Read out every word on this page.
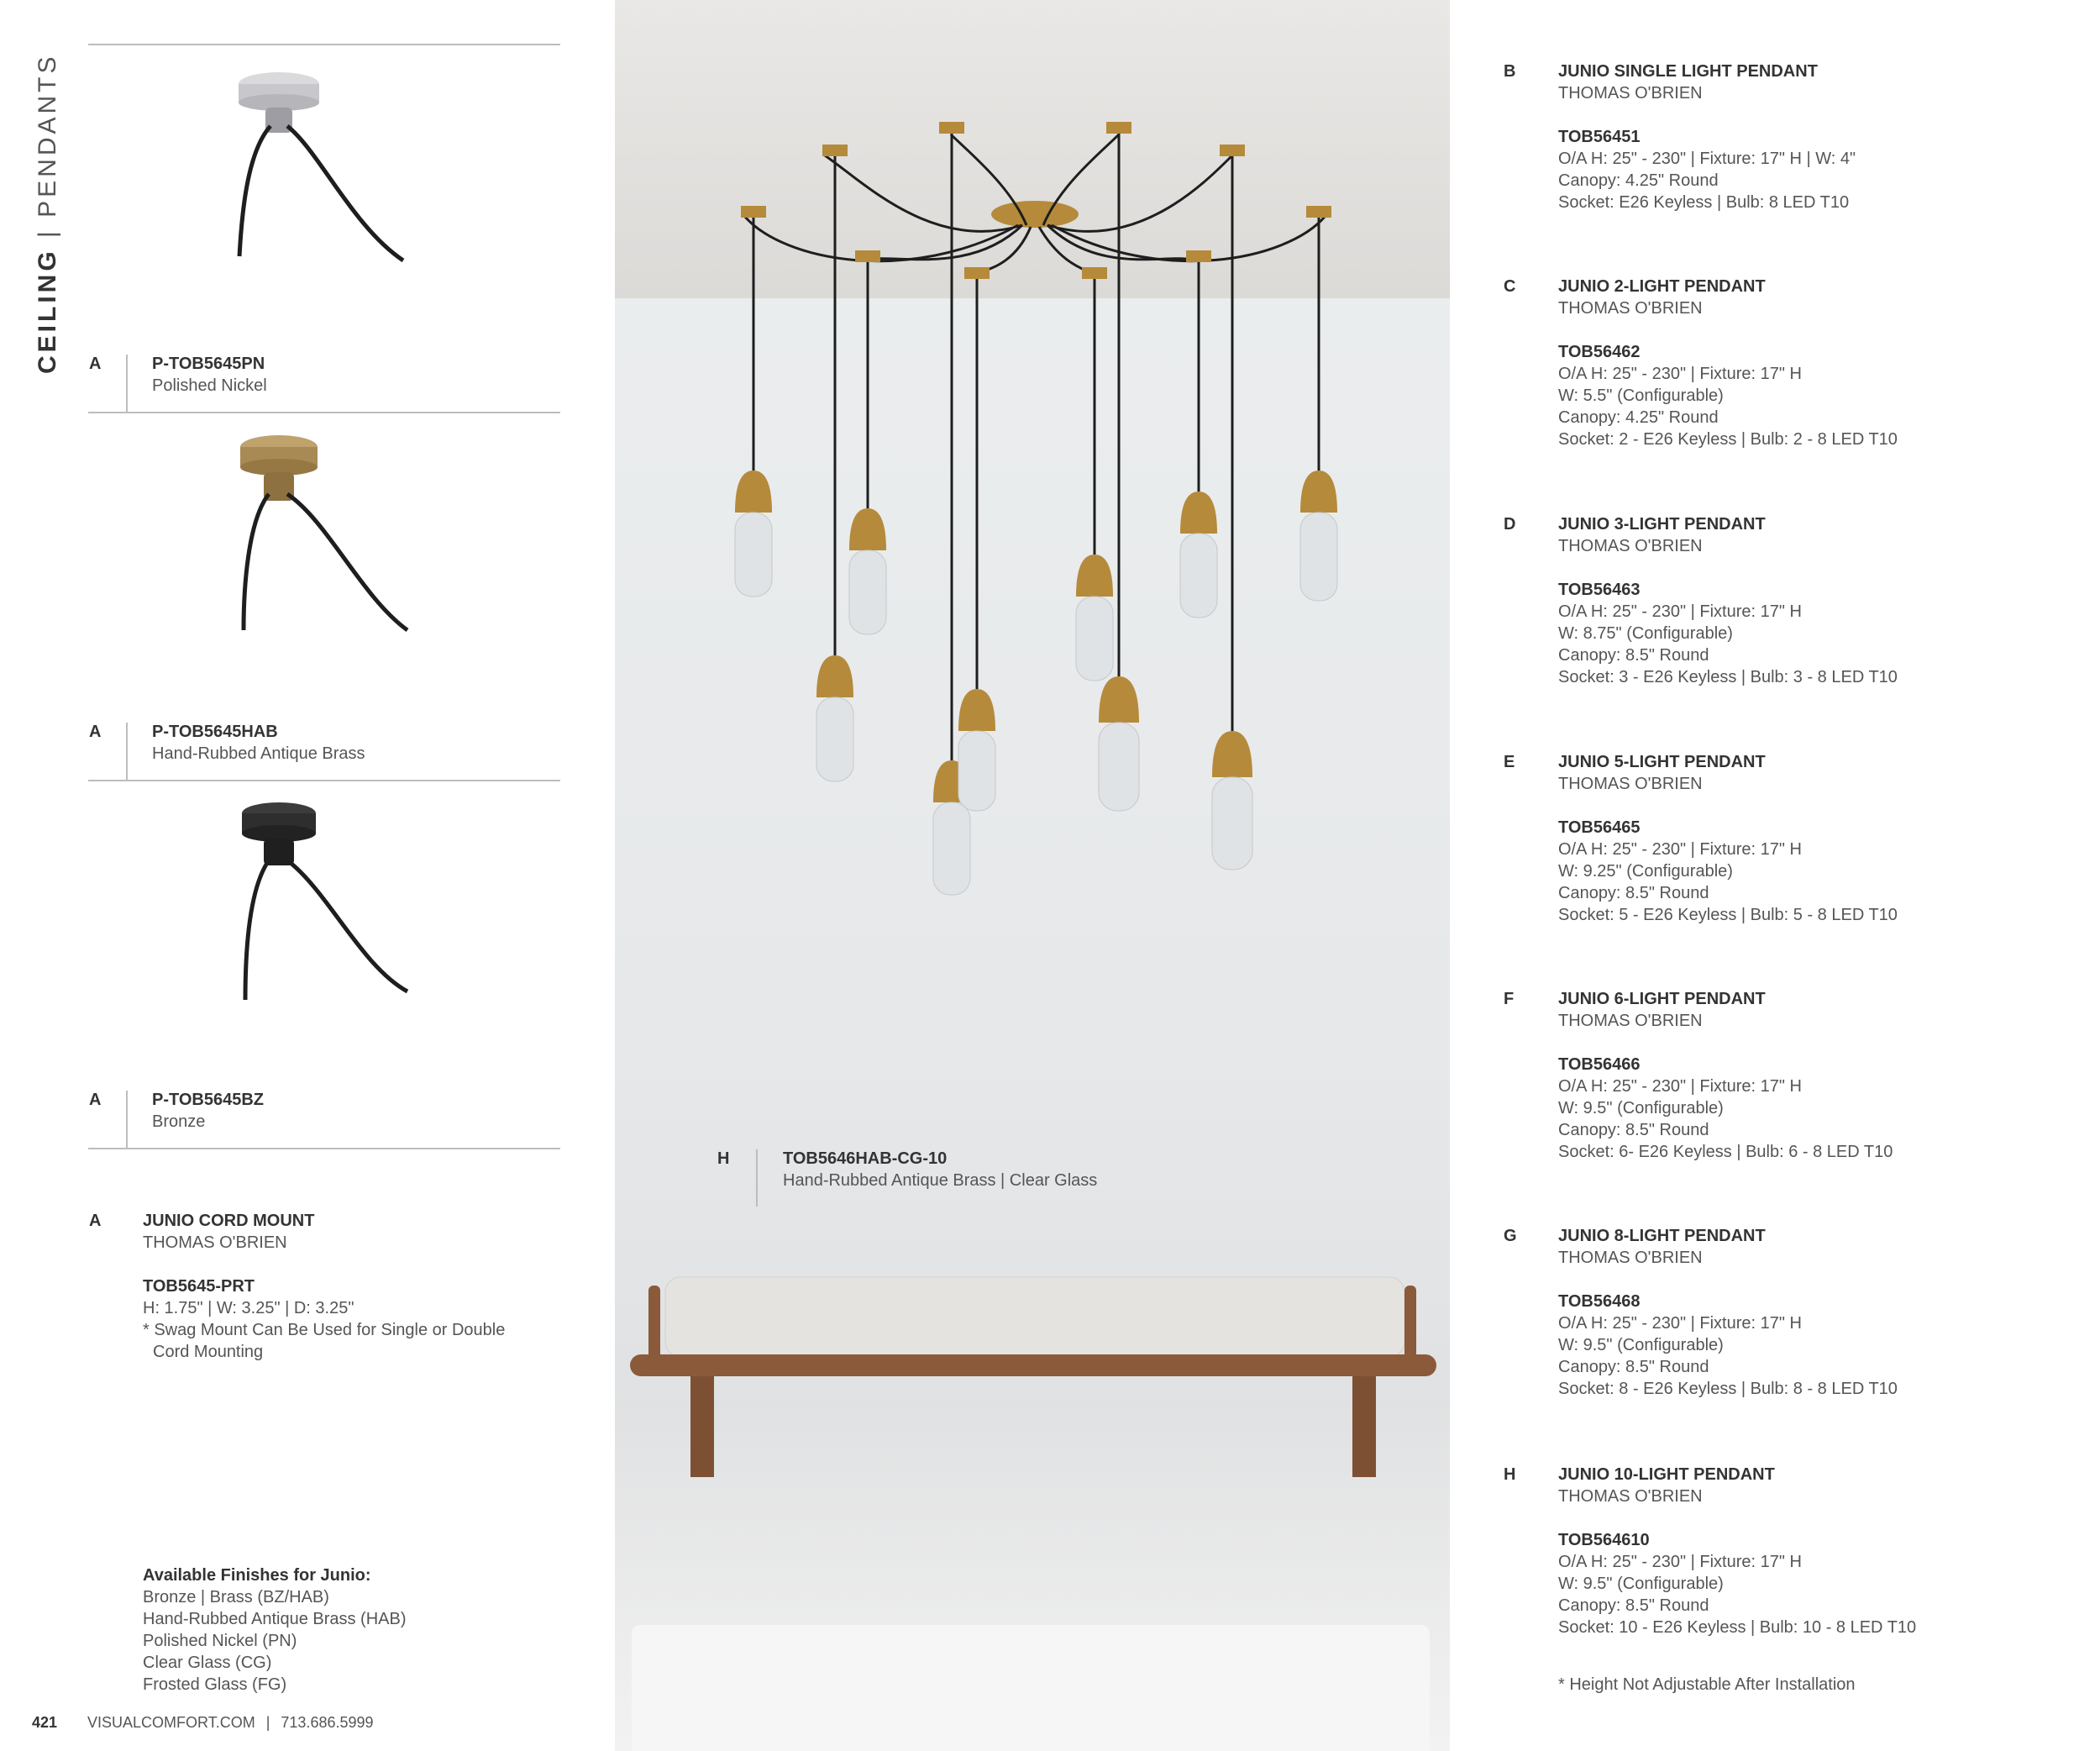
CEILING | PENDANTS
A	P-TOB5645PN
Polished Nickel
A	P-TOB5645HAB
Hand-Rubbed Antique Brass
A	P-TOB5645BZ
Bronze
A JUNIO CORD MOUNT
THOMAS O'BRIEN
TOB5645-PRT
H: 1.75" | W: 3.25" | D: 3.25"
* Swag Mount Can Be Used for Single or Double
Cord Mounting
Available Finishes for Junio:
Bronze | Brass (BZ/HAB)
Hand-Rubbed Antique Brass (HAB)
Polished Nickel (PN)
Clear Glass (CG)
Frosted Glass (FG)
421 VISUALCOMFORT.COM | 713.686.5999
H	TOB5646HAB-CG-10
Hand-Rubbed Antique Brass | Clear Glass
B	JUNIO SINGLE LIGHT PENDANT
THOMAS O'BRIEN
TOB56451
O/A H: 25" - 230" | Fixture: 17" H | W: 4"
Canopy: 4.25" Round
Socket: E26 Keyless | Bulb: 8 LED T10
C	JUNIO 2-LIGHT PENDANT
THOMAS O'BRIEN
TOB56462
O/A H: 25" - 230" | Fixture: 17" H
W: 5.5" (Configurable)
Canopy: 4.25" Round
Socket: 2 - E26 Keyless | Bulb: 2 - 8 LED T10
D	JUNIO 3-LIGHT PENDANT
THOMAS O'BRIEN
TOB56463
O/A H: 25" - 230" | Fixture: 17" H
W: 8.75" (Configurable)
Canopy: 8.5" Round
Socket: 3 - E26 Keyless | Bulb: 3 - 8 LED T10
E	JUNIO 5-LIGHT PENDANT
THOMAS O'BRIEN
TOB56465
O/A H: 25" - 230" | Fixture: 17" H
W: 9.25" (Configurable)
Canopy: 8.5" Round
Socket: 5 - E26 Keyless | Bulb: 5 - 8 LED T10
F	JUNIO 6-LIGHT PENDANT
THOMAS O'BRIEN
TOB56466
O/A H: 25" - 230" | Fixture: 17" H
W: 9.5" (Configurable)
Canopy: 8.5" Round
Socket: 6- E26 Keyless | Bulb: 6 - 8 LED T10
G JUNIO 8-LIGHT PENDANT
THOMAS O'BRIEN
TOB56468
O/A H: 25" - 230" | Fixture: 17" H
W: 9.5" (Configurable)
Canopy: 8.5" Round
Socket: 8 - E26 Keyless | Bulb: 8 - 8 LED T10
H	JUNIO 10-LIGHT PENDANT
THOMAS O'BRIEN
TOB564610
O/A H: 25" - 230" | Fixture: 17" H
W: 9.5" (Configurable)
Canopy: 8.5" Round
Socket: 10 - E26 Keyless | Bulb: 10 - 8 LED T10
* Height Not Adjustable After Installation
